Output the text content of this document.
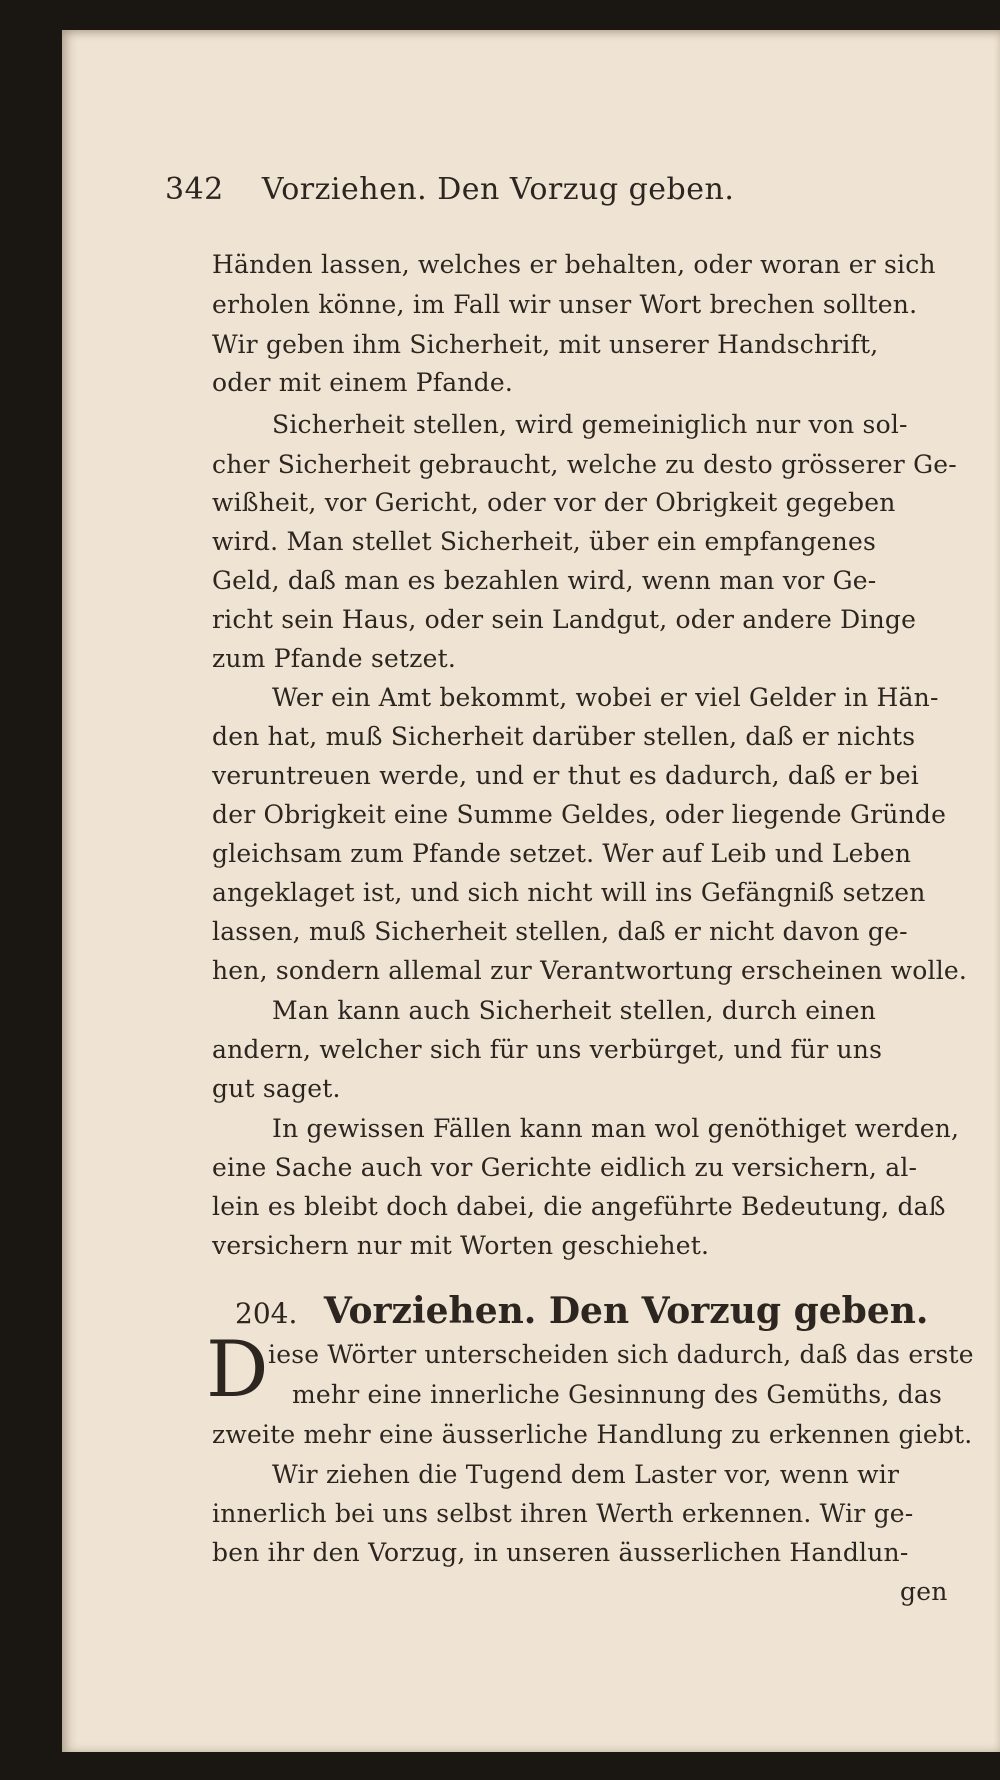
342 Vorziehen. Den Vorzug geben.
Händen lassen, welches er behalten, oder woran er sich
erholen könne, im Fall wir unser Wort brechen sollten.
Wir geben ihm Sicherheit, mit unserer Handschrift,
oder mit einem Pfande.
Sicherheit stellen, wird gemeiniglich nur von sol-
cher Sicherheit gebraucht, welche zu desto grösserer Ge-
wißheit, vor Gericht, oder vor der Obrigkeit gegeben
wird. Man stellet Sicherheit, über ein empfangenes
Geld, daß man es bezahlen wird, wenn man vor Ge-
richt sein Haus, oder sein Landgut, oder andere Dinge
zum Pfande setzet.
Wer ein Amt bekommt, wobei er viel Gelder in Hän-
den hat, muß Sicherheit darüber stellen, daß er nichts
veruntreuen werde, und er thut es dadurch, daß er bei
der Obrigkeit eine Summe Geldes, oder liegende Gründe
gleichsam zum Pfande setzet. Wer auf Leib und Leben
angeklaget ist, und sich nicht will ins Gefängniß setzen
lassen, muß Sicherheit stellen, daß er nicht davon ge-
hen, sondern allemal zur Verantwortung erscheinen wolle.
Man kann auch Sicherheit stellen, durch einen
andern, welcher sich für uns verbürget, und für uns
gut saget.
In gewissen Fällen kann man wol genöthiget werden,
eine Sache auch vor Gerichte eidlich zu versichern, al-
lein es bleibt doch dabei, die angeführte Bedeutung, daß
versichern nur mit Worten geschiehet.
204. Vorziehen. Den Vorzug geben.
D iese Wörter unterscheiden sich dadurch, daß das erste
mehr eine innerliche Gesinnung des Gemüths, das
zweite mehr eine äusserliche Handlung zu erkennen giebt.
Wir ziehen die Tugend dem Laster vor, wenn wir
innerlich bei uns selbst ihren Werth erkennen. Wir ge-
ben ihr den Vorzug, in unseren äusserlichen Handlun-
gen
